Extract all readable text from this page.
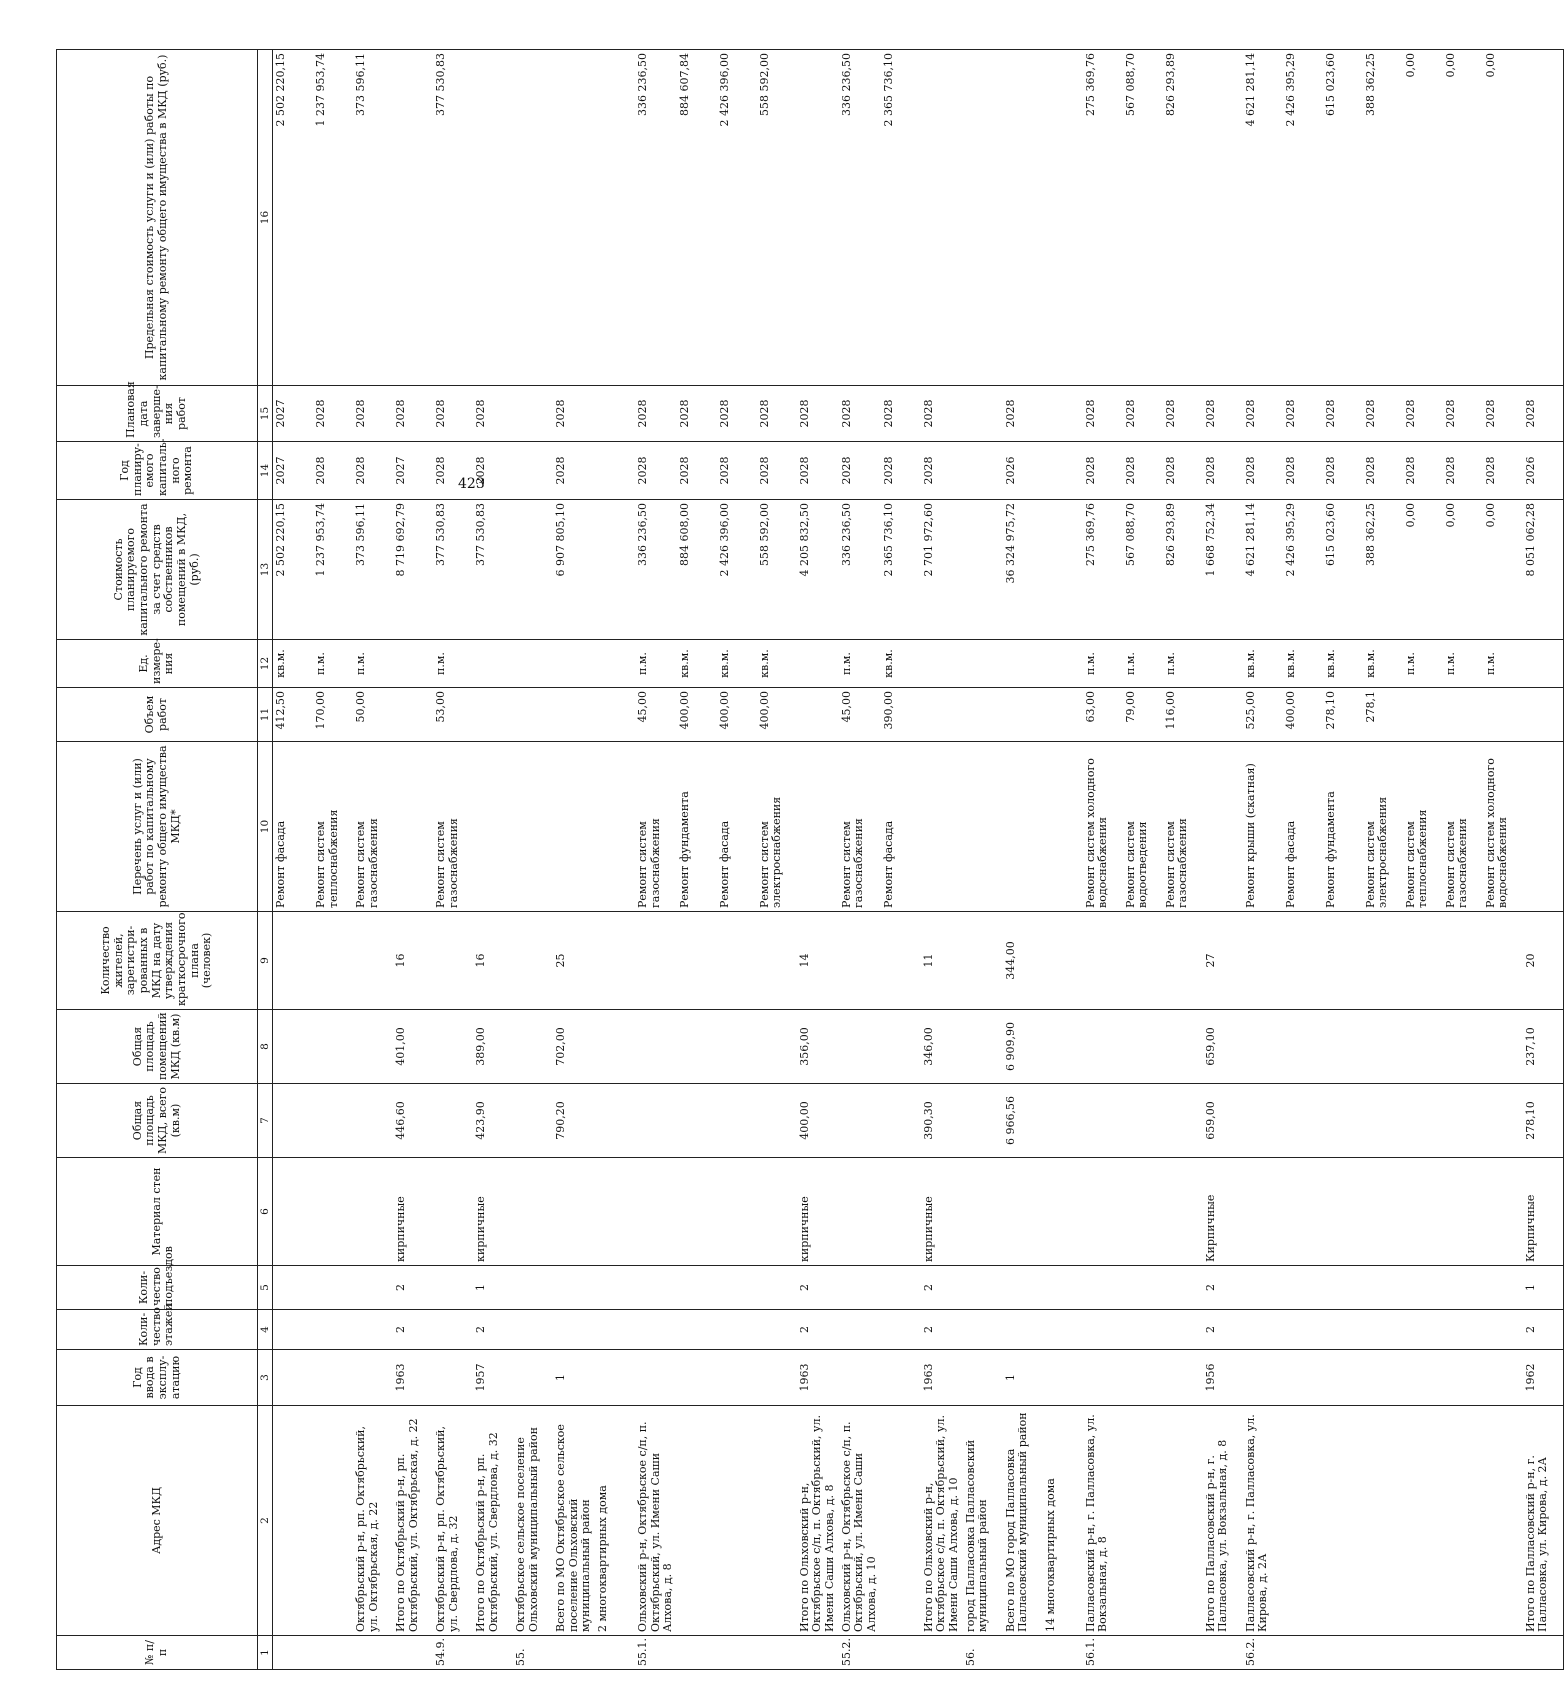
423
№ п/п	Адрес МКД	Год ввода в эксплу-атацию	Коли-чество этажей	Коли-чество подъездов	Материал стен	Общая площадь МКД, всего (кв.м)	Общая площадь помещений МКД (кв.м)	Количество жителей, зарегистри-рованных в МКД на дату утверждения краткосрочного плана (человек)	Перечень услуг и (или) работ по капитальному ремонту общего имущества МКД*	Объем работ	Ед. измере-ния	Стоимость планируемого капитального ремонта за счет средств собственников помещений в МКД, (руб.)	Год планиру-емого капиталь-ного ремонта	Плановая дата заверше-ния работ	Предельная стоимость услуги и (или) работы по капитальному ремонту общего имущества в МКД (руб.)
1	2	3	4	5	6	7	8	9	10	11	12	13	14	15	16
									Ремонт фасада	412,50	кв.м.	2 502 220,15	2027	2027	2 502 220,15
									Ремонт систем теплоснабжения	170,00	п.м.	1 237 953,74	2028	2028	1 237 953,74
	Октябрьский р-н, рп. Октябрьский, ул. Октябрьская, д. 22								Ремонт систем газоснабжения	50,00	п.м.	373 596,11	2028	2028	373 596,11
	Итого по Октябрьский р-н, рп. Октябрьский, ул. Октябрьская, д. 22	1963	2	2	кирпичные	446,60	401,00	16				8 719 692,79	2027	2028	
54.9.	Октябрьский р-н, рп. Октябрьский, ул. Свердлова, д. 32								Ремонт систем газоснабжения	53,00	п.м.	377 530,83	2028	2028	377 530,83
	Итого по Октябрьский р-н, рп. Октябрьский, ул. Свердлова, д. 32	1957	2	1	кирпичные	423,90	389,00	16				377 530,83	2028	2028	
55.	Октябрьское сельское поселение Ольховский муниципальный район														
	Всего по МО Октябрьское сельское поселение Ольховский муниципальный район	1				790,20	702,00	25				6 907 805,10	2028	2028	
	2 многоквартирных дома														
55.1.	Ольховский р-н, Октябрьское с/п, п. Октябрьский, ул. Имени Саши Алхова, д. 8								Ремонт систем газоснабжения	45,00	п.м.	336 236,50	2028	2028	336 236,50
									Ремонт фундамента	400,00	кв.м.	884 608,00	2028	2028	884 607,84
									Ремонт фасада	400,00	кв.м.	2 426 396,00	2028	2028	2 426 396,00
									Ремонт систем электроснабжения	400,00	кв.м.	558 592,00	2028	2028	558 592,00
	Итого по Ольховский р-н, Октябрьское с/п, п. Октябрьский, ул. Имени Саши Алхова, д. 8	1963	2	2	кирпичные	400,00	356,00	14				4 205 832,50	2028	2028	
55.2.	Ольховский р-н, Октябрьское с/п, п. Октябрьский, ул. Имени Саши Алхова, д. 10								Ремонт систем газоснабжения	45,00	п.м.	336 236,50	2028	2028	336 236,50
									Ремонт фасада	390,00	кв.м.	2 365 736,10	2028	2028	2 365 736,10
	Итого по Ольховский р-н, Октябрьское с/п, п. Октябрьский, ул. Имени Саши Алхова, д. 10	1963	2	2	кирпичные	390,30	346,00	11				2 701 972,60	2028	2028	
56.	город Палласовка Палласовский муниципальный район														
	Всего по МО город Палласовка Палласовский муниципальный район	1				6 966,56	6 909,90	344,00				36 324 975,72	2026	2028	
	14 многоквартирных дома														
56.1.	Палласовский р-н, г. Палласовка, ул. Вокзальная, д. 8								Ремонт систем холодного водоснабжения	63,00	п.м.	275 369,76	2028	2028	275 369,76
									Ремонт систем водоотведения	79,00	п.м.	567 088,70	2028	2028	567 088,70
									Ремонт систем газоснабжения	116,00	п.м.	826 293,89	2028	2028	826 293,89
	Итого по Палласовский р-н, г. Палласовка, ул. Вокзальная, д. 8	1956	2	2	Кирпичные	659,00	659,00	27				1 668 752,34	2028	2028	
56.2.	Палласовский р-н, г. Палласовка, ул. Кирова, д. 2А								Ремонт крыши (скатная)	525,00	кв.м.	4 621 281,14	2028	2028	4 621 281,14
									Ремонт фасада	400,00	кв.м.	2 426 395,29	2028	2028	2 426 395,29
									Ремонт фундамента	278,10	кв.м.	615 023,60	2028	2028	615 023,60
									Ремонт систем электроснабжения	278,1	кв.м.	388 362,25	2028	2028	388 362,25
									Ремонт систем теплоснабжения		п.м.	0,00	2028	2028	0,00
									Ремонт систем газоснабжения		п.м.	0,00	2028	2028	0,00
									Ремонт систем холодного водоснабжения		п.м.	0,00	2028	2028	0,00
	Итого по Палласовский р-н, г. Палласовка, ул. Кирова, д. 2А	1962	2	1	Кирпичные	278,10	237,10	20				8 051 062,28	2026	2028	
